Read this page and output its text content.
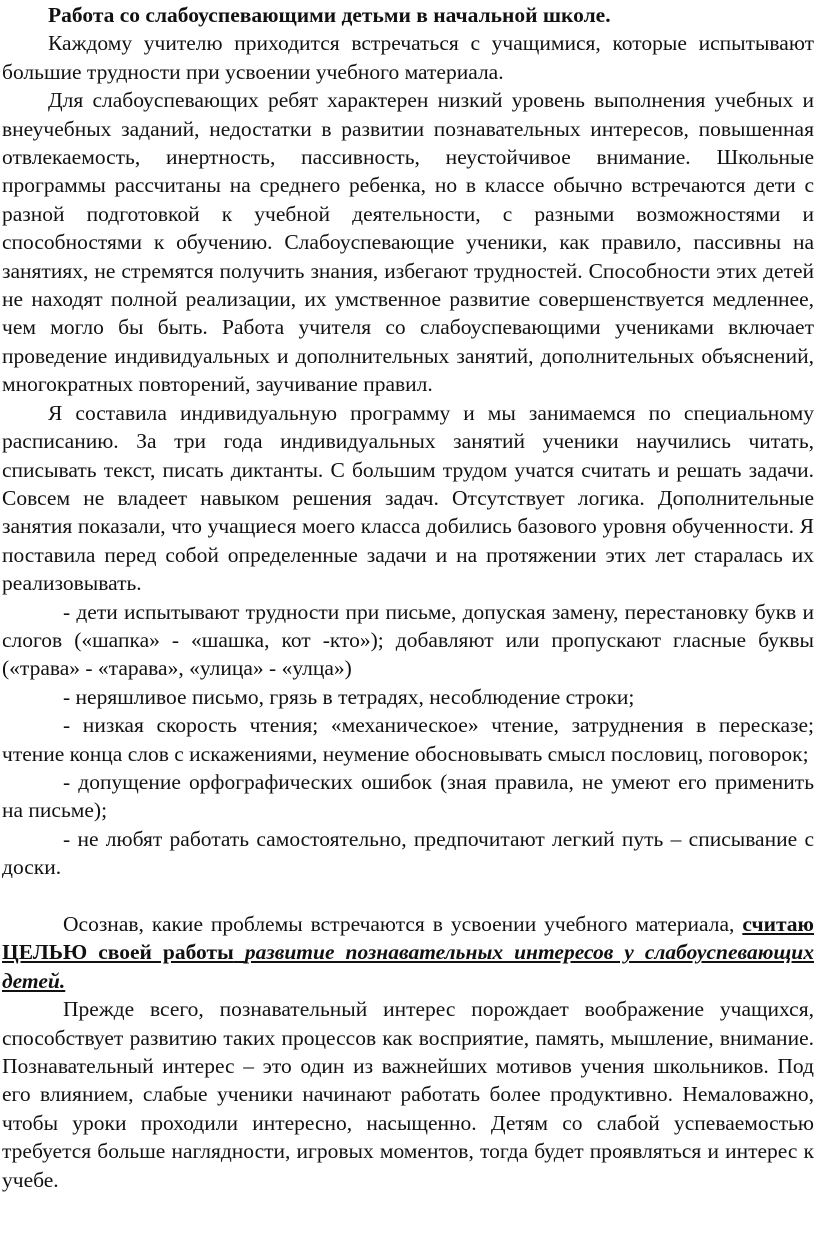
Работа со слабоуспевающими детьми в начальной школе.

Каждому учителю приходится встречаться с учащимися, которые испытывают большие трудности при усвоении учебного материала.

Для слабоуспевающих ребят характерен низкий уровень выполнения учебных и внеучебных заданий, недостатки в развитии познавательных интересов, повышенная отвлекаемость, инертность, пассивность, неустойчивое внимание. Школьные программы рассчитаны на среднего ребенка, но в классе обычно встречаются дети с разной подготовкой к учебной деятельности, с разными возможностями и способностями к обучению. Слабоуспевающие ученики, как правило, пассивны на занятиях, не стремятся получить знания, избегают трудностей. Способности этих детей не находят полной реализации, их умственное развитие совершенствуется медленнее, чем могло бы быть. Работа учителя со слабоуспевающими учениками включает проведение индивидуальных и дополнительных занятий, дополнительных объяснений, многократных повторений, заучивание правил.

Я составила индивидуальную программу и мы занимаемся по специальному расписанию. За три года индивидуальных занятий ученики научились читать, списывать текст, писать диктанты. С большим трудом учатся считать и решать задачи. Совсем не владеет навыком решения задач. Отсутствует логика. Дополнительные занятия показали, что учащиеся моего класса добились базового уровня обученности. Я поставила перед собой определенные задачи и на протяжении этих лет старалась их реализовывать.

- дети испытывают трудности при письме, допуская замену, перестановку букв и слогов («шапка» - «шашка, кот -кто»); добавляют или пропускают гласные буквы («трава» - «тарава», «улица» - «улца»)

- неряшливое письмо, грязь в тетрадях, несоблюдение строки;

- низкая скорость чтения; «механическое» чтение, затруднения в пересказе; чтение конца слов с искажениями, неумение обосновывать смысл пословиц, поговорок;

- допущение орфографических ошибок (зная правила, не умеют его применить на письме);

- не любят работать самостоятельно, предпочитают легкий путь – списывание с доски.

Осознав, какие проблемы встречаются в усвоении учебного материала, считаю ЦЕЛЬЮ своей работы развитие познавательных интересов у слабоуспевающих детей.

Прежде всего, познавательный интерес порождает воображение учащихся, способствует развитию таких процессов как восприятие, память, мышление, внимание. Познавательный интерес – это один из важнейших мотивов учения школьников. Под его влиянием, слабые ученики начинают работать более продуктивно. Немаловажно, чтобы уроки проходили интересно, насыщенно. Детям со слабой успеваемостью требуется больше наглядности, игровых моментов, тогда будет проявляться и интерес к учебе.
